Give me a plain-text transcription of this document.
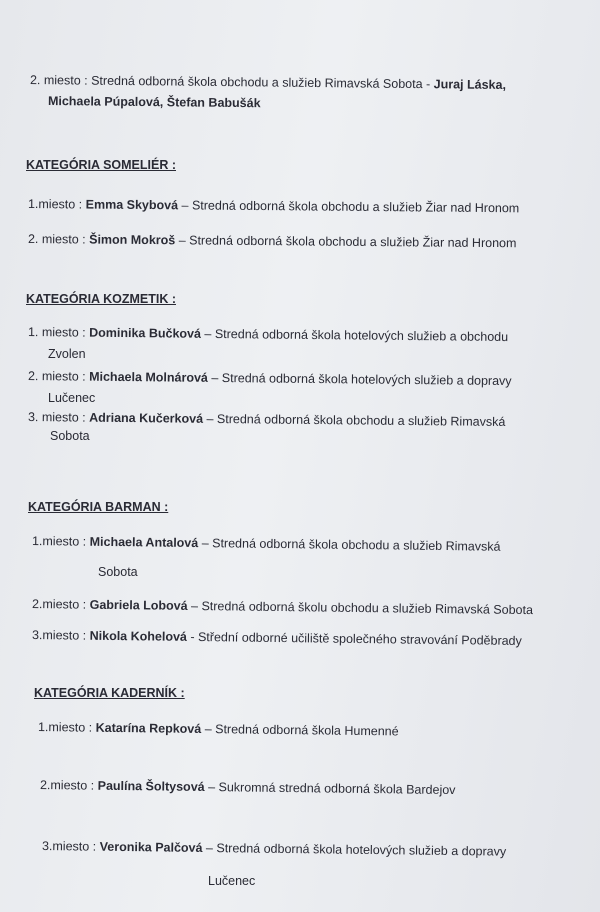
2. miesto : Stredná odborná škola obchodu a služieb Rimavská Sobota - Juraj Láska,
Michaela Púpalová, Štefan Babušák
KATEGÓRIA SOMELIÉR :
1.miesto : Emma Skybová – Stredná odborná škola obchodu a služieb Žiar nad Hronom
2. miesto : Šimon Mokroš – Stredná odborná škola obchodu a služieb Žiar nad Hronom
KATEGÓRIA KOZMETIK :
1. miesto : Dominika Bučková – Stredná odborná škola hotelových služieb a obchodu
Zvolen
2. miesto : Michaela Molnárová – Stredná odborná škola hotelových služieb a dopravy
Lučenec
3. miesto : Adriana Kučerková – Stredná odborná škola obchodu a služieb Rimavská
Sobota
KATEGÓRIA BARMAN :
1.miesto : Michaela Antalová – Stredná odborná škola obchodu a služieb Rimavská
Sobota
2.miesto : Gabriela Lobová – Stredná odborná školu obchodu a služieb Rimavská Sobota
3.miesto : Nikola Kohelová - Střední odborné učiliště společného stravování Poděbrady
KATEGÓRIA KADERNÍK :
1.miesto : Katarína Repková – Stredná odborná škola Humenné
2.miesto : Paulína Šoltysová – Sukromná stredná odborná škola Bardejov
3.miesto : Veronika Palčová – Stredná odborná škola hotelových služieb a dopravy
Lučenec
